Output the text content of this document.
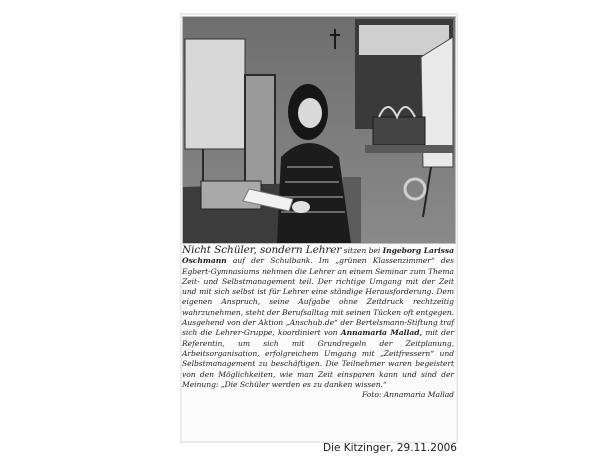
Nicht Schüler, sondern Lehrer sitzen bei Ingeborg Larissa Oschmann auf der Schulbank. Im „grünen Klassenzimmer“ des Egbert-Gymnasiums nehmen die Lehrer an einem Seminar zum Thema Zeit- und Selbstmanagement teil. Der richtige Umgang mit der Zeit und mit sich selbst ist für Lehrer eine ständige Herausforderung. Dem eigenen Anspruch, seine Aufgabe ohne Zeitdruck rechtzeitig wahrzunehmen, steht der Berufsalltag mit seinen Tücken oft entgegen. Ausgehend von der Aktion „Anschub.de“ der Bertelsmann-Stiftung traf sich die Lehrer-Gruppe, koordiniert von Annamaria Mallad, mit der Referentin, um sich mit Grundregeln der Zeitplanung, Arbeitsorganisation, erfolgreichem Umgang mit „Zeitfressern“ und Selbstmanagement zu beschäftigen. Die Teilnehmer waren begeistert von den Möglichkeiten, wie man Zeit einsparen kann und sind der Meinung: „Die Schüler werden es zu danken wissen.“
Foto: Annamaria Mallad
Die Kitzinger, 29.11.2006
